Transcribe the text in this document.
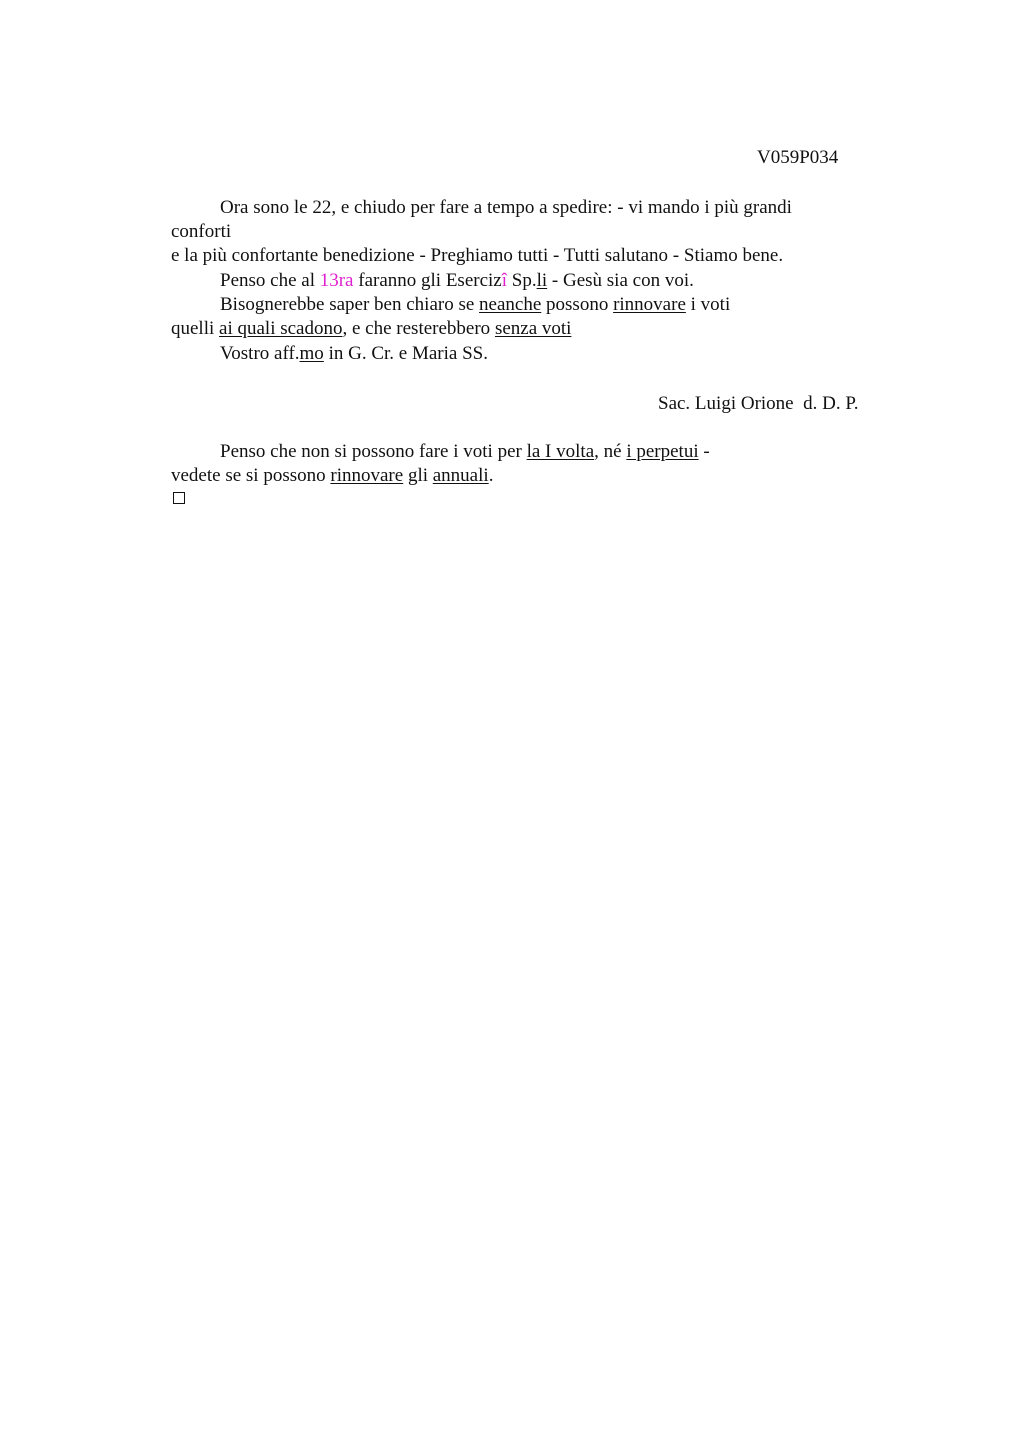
V059P034
Ora sono le 22, e chiudo per fare a tempo a spedire: - vi mando i più grandi
conforti
e la più confortante benedizione - Preghiamo tutti - Tutti salutano - Stiamo bene.
Penso che al 13ra faranno gli Esercizî Sp.li - Gesù sia con voi.
Bisognerebbe saper ben chiaro se neanche possono rinnovare i voti
quelli ai quali scadono, e che resterebbero senza voti
Vostro aff.mo in G. Cr. e Maria SS.
Sac. Luigi Orione  d. D. P.
Penso che non si possono fare i voti per la I volta, né i perpetui -
vedete se si possono rinnovare gli annuali.
